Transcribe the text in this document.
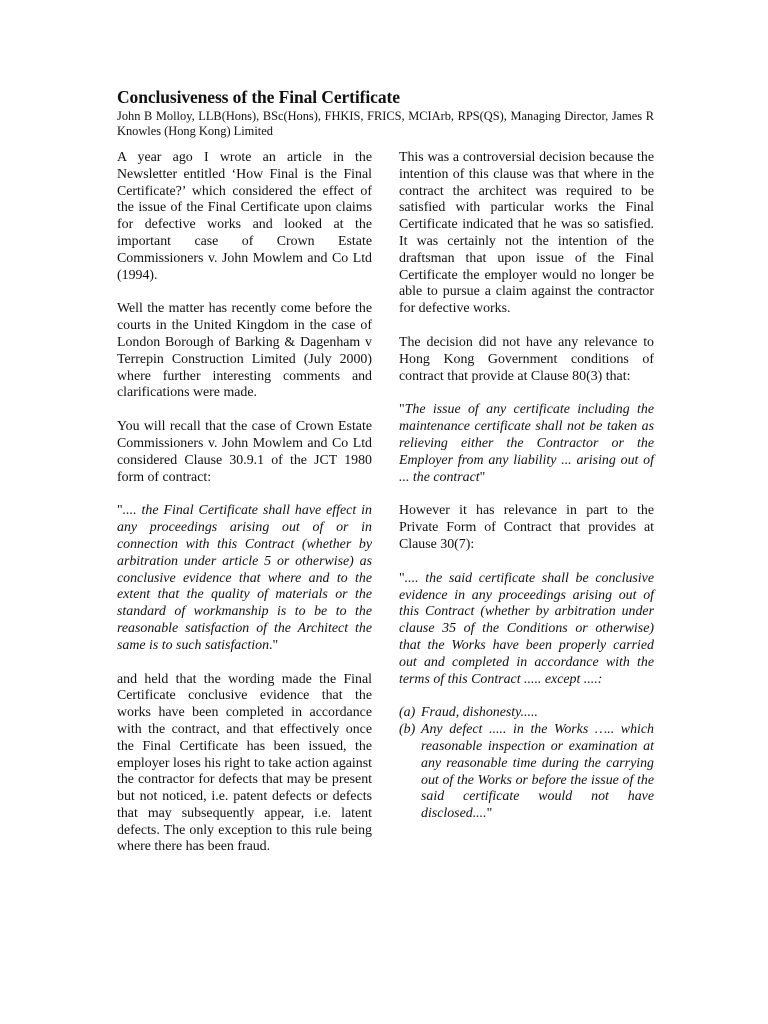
Conclusiveness of the Final Certificate

John B Molloy, LLB(Hons), BSc(Hons), FHKIS, FRICS, MCIArb, RPS(QS), Managing Director, James R Knowles (Hong Kong) Limited

A year ago I wrote an article in the Newsletter entitled ‘How Final is the Final Certificate?’ which considered the effect of the issue of the Final Certificate upon claims for defective works and looked at the important case of Crown Estate Commissioners v. John Mowlem and Co Ltd (1994).

Well the matter has recently come before the courts in the United Kingdom in the case of London Borough of Barking & Dagenham v Terrepin Construction Limited (July 2000) where further interesting comments and clarifications were made.

You will recall that the case of Crown Estate Commissioners v. John Mowlem and Co Ltd considered Clause 30.9.1 of the JCT 1980 form of contract:

".... the Final Certificate shall have effect in any proceedings arising out of or in connection with this Contract (whether by arbitration under article 5 or otherwise) as conclusive evidence that where and to the extent that the quality of materials or the standard of workmanship is to be to the reasonable satisfaction of the Architect the same is to such satisfaction."

and held that the wording made the Final Certificate conclusive evidence that the works have been completed in accordance with the contract, and that effectively once the Final Certificate has been issued, the employer loses his right to take action against the contractor for defects that may be present but not noticed, i.e. patent defects or defects that may subsequently appear, i.e. latent defects. The only exception to this rule being where there has been fraud.

This was a controversial decision because the intention of this clause was that where in the contract the architect was required to be satisfied with particular works the Final Certificate indicated that he was so satisfied. It was certainly not the intention of the draftsman that upon issue of the Final Certificate the employer would no longer be able to pursue a claim against the contractor for defective works.

The decision did not have any relevance to Hong Kong Government conditions of contract that provide at Clause 80(3) that:

"The issue of any certificate including the maintenance certificate shall not be taken as relieving either the Contractor or the Employer from any liability ... arising out of ... the contract"

However it has relevance in part to the Private Form of Contract that provides at Clause 30(7):

".... the said certificate shall be conclusive evidence in any proceedings arising out of this Contract (whether by arbitration under clause 35 of the Conditions or otherwise) that the Works have been properly carried out and completed in accordance with the terms of this Contract ..... except ....:

(a) Fraud, dishonesty.....
(b) Any defect ..... in the Works ….. which reasonable inspection or examination at any reasonable time during the carrying out of the Works or before the issue of the said certificate would not have disclosed...."
